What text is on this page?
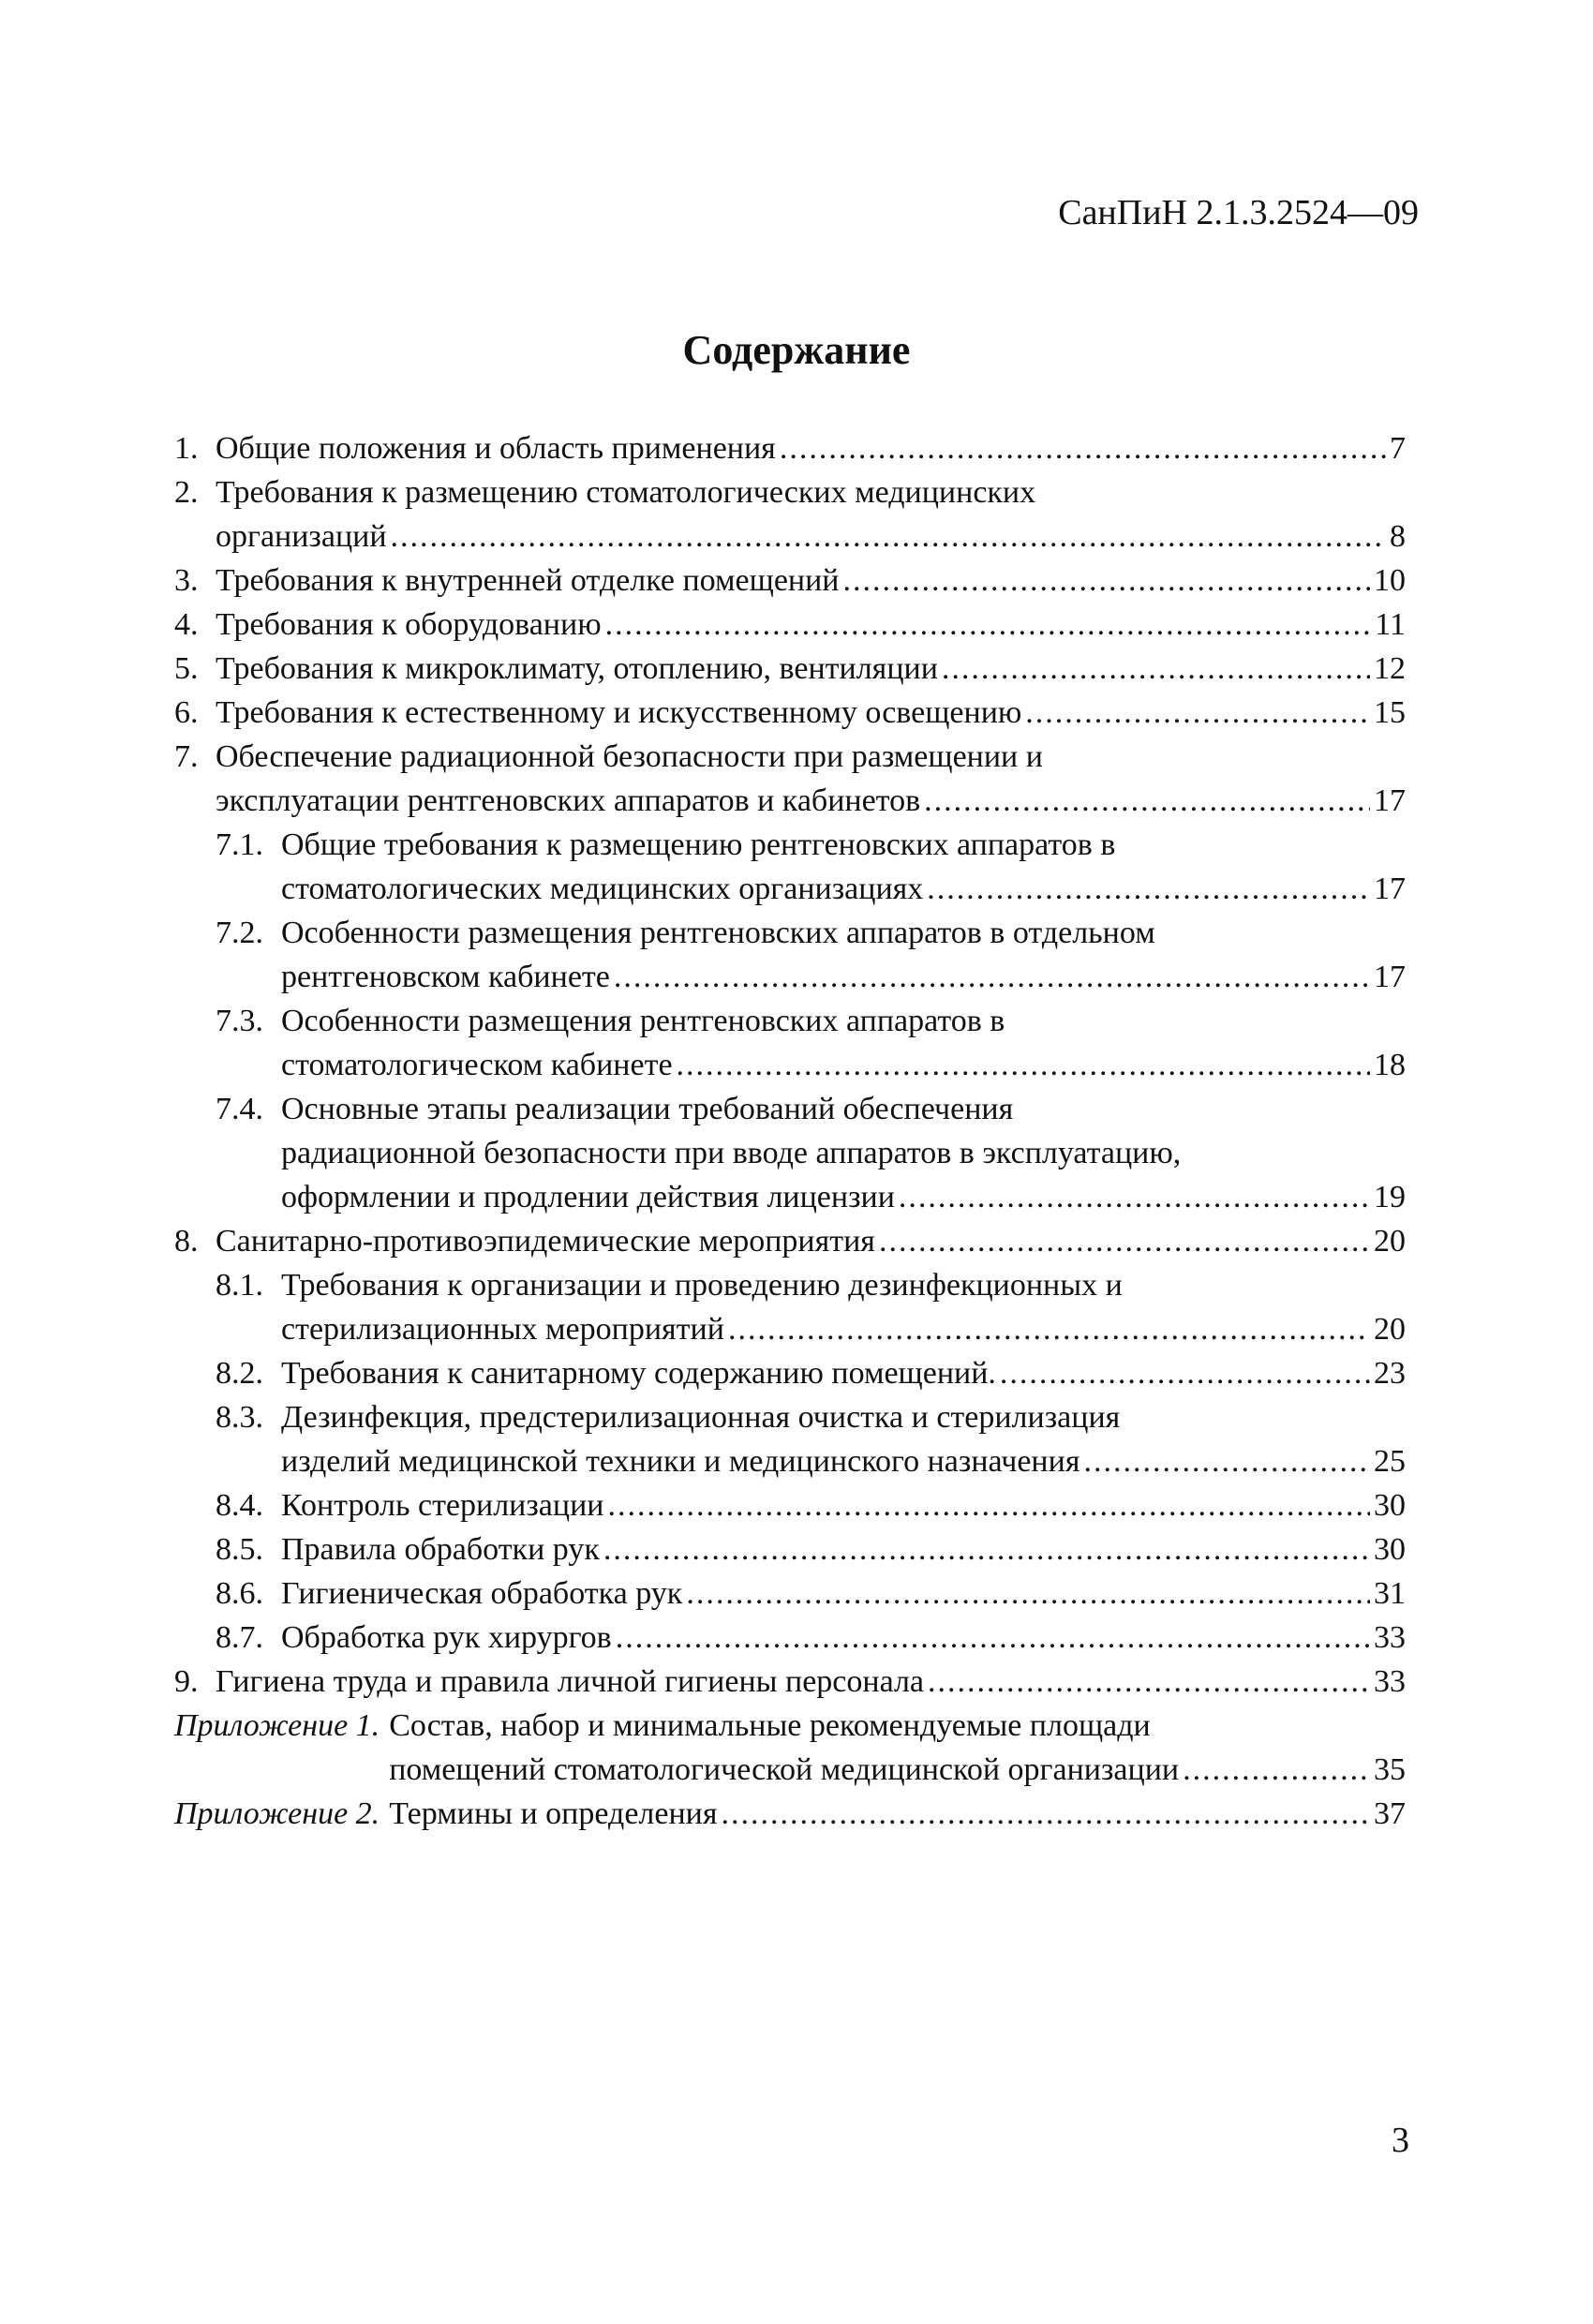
СанПиН 2.1.3.2524—09
Содержание
1. Общие положения и область применения .....	7
2. Требования к размещению стоматологических медицинских
организаций .....	8
3. Требования к внутренней отделке помещений .....	10
4. Требования к оборудованию .....	11
5. Требования к микроклимату, отоплению, вентиляции .....	12
6. Требования к естественному и искусственному освещению .....	15
7. Обеспечение радиационной безопасности при размещении и
эксплуатации рентгеновских аппаратов и кабинетов .....	17
7.1. Общие требования к размещению рентгеновских аппаратов в
стоматологических медицинских организациях .....	17
7.2. Особенности размещения рентгеновских аппаратов в отдельном
рентгеновском кабинете .....	17
7.3. Особенности размещения рентгеновских аппаратов в
стоматологическом кабинете .....	18
7.4. Основные этапы реализации требований обеспечения
радиационной безопасности при вводе аппаратов в эксплуатацию,
оформлении и продлении действия лицензии .....	19
8. Санитарно-противоэпидемические мероприятия .....	20
8.1. Требования к организации и проведению дезинфекционных и
стерилизационных мероприятий .....	20
8.2. Требования к санитарному содержанию помещений. .....	23
8.3. Дезинфекция, предстерилизационная очистка и стерилизация
изделий медицинской техники и медицинского назначения .....	25
8.4. Контроль стерилизации .....	30
8.5. Правила обработки рук .....	30
8.6. Гигиеническая обработка рук .....	31
8.7. Обработка рук хирургов .....	33
9. Гигиена труда и правила личной гигиены персонала .....	33
Приложение 1. Состав, набор и минимальные рекомендуемые площади
помещений стоматологической медицинской организации .....	35
Приложение 2. Термины и определения .....	37
3
